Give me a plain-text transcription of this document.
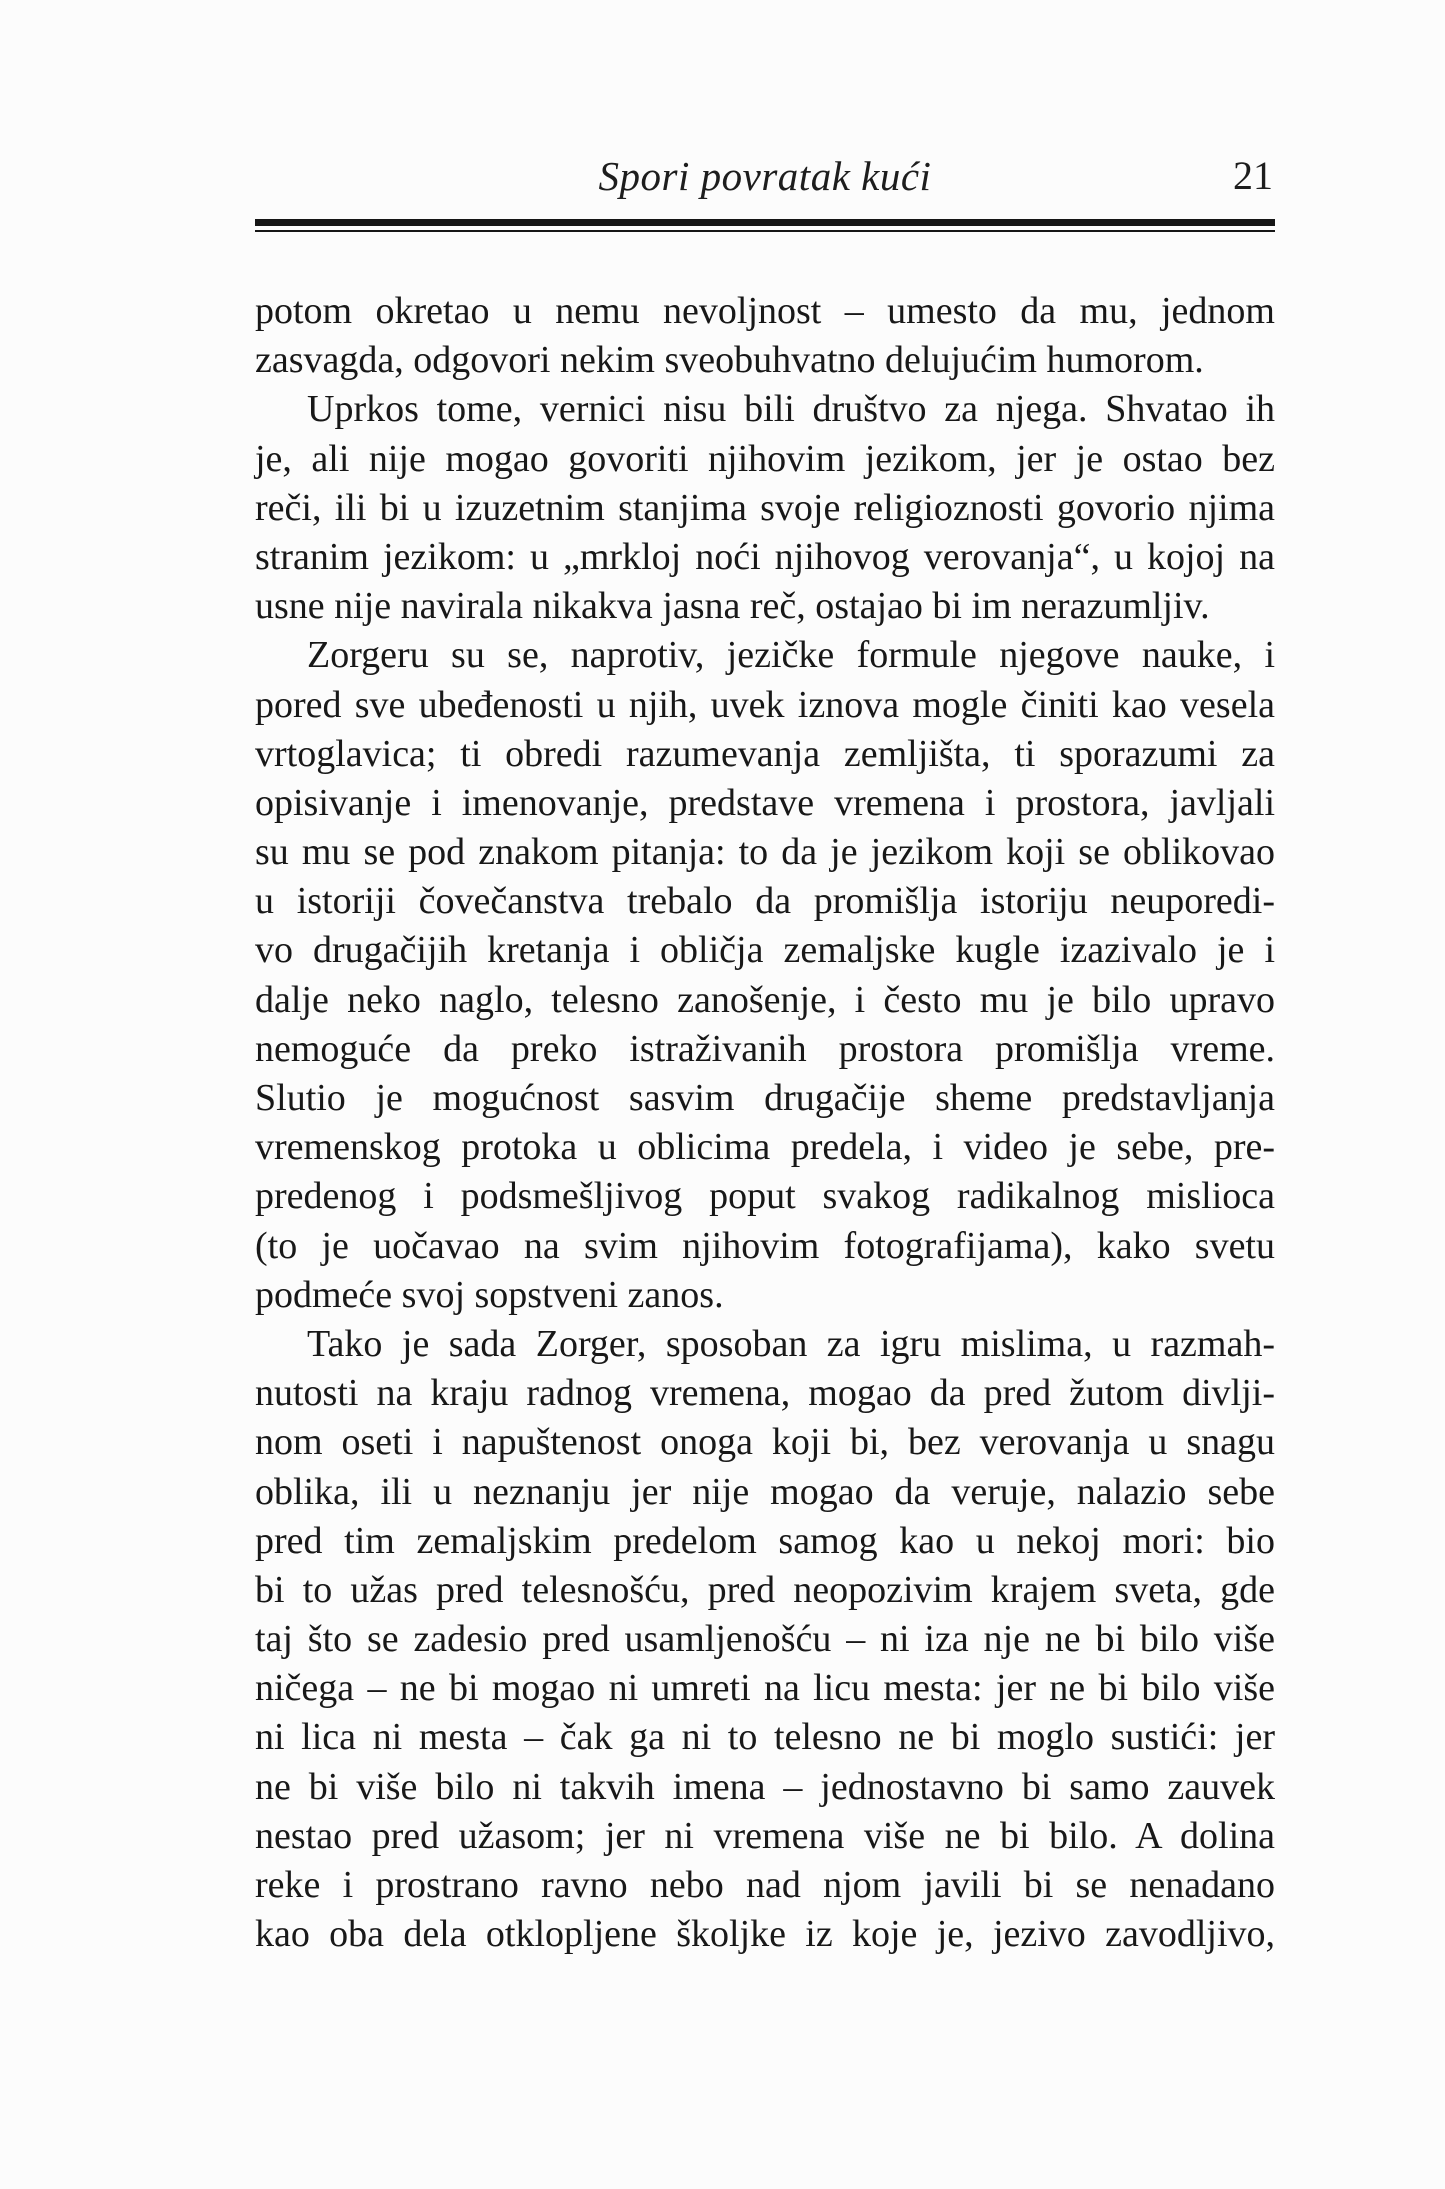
Spori povratak kući	21

potom okretao u nemu nevoljnost – umesto da mu, jednom

zasvagda, odgovori nekim sveobuhvatno delujućim humorom.

Uprkos tome, vernici nisu bili društvo za njega. Shvatao ih

je, ali nije mogao govoriti njihovim jezikom, jer je ostao bez

reči, ili bi u izuzetnim stanjima svoje religioznosti govorio njima

stranim jezikom: u „mrkloj noći njihovog verovanja“, u kojoj na

usne nije navirala nikakva jasna reč, ostajao bi im nerazumljiv.

Zorgeru su se, naprotiv, jezičke formule njegove nauke, i

pored sve ubeđenosti u njih, uvek iznova mogle činiti kao vesela

vrtoglavica; ti obredi razumevanja zemljišta, ti sporazumi za

opisivanje i imenovanje, predstave vremena i prostora, javljali

su mu se pod znakom pitanja: to da je jezikom koji se oblikovao

u istoriji čovečanstva trebalo da promišlja istoriju neuporedi-

vo drugačijih kretanja i obličja zemaljske kugle izazivalo je i

dalje neko naglo, telesno zanošenje, i često mu je bilo upravo

nemoguće da preko istraživanih prostora promišlja vreme.

Slutio je mogućnost sasvim drugačije sheme predstavljanja

vremenskog protoka u oblicima predela, i video je sebe, pre-

predenog i podsmešljivog poput svakog radikalnog mislioca

(to je uočavao na svim njihovim fotografijama), kako svetu

podmeće svoj sopstveni zanos.

Tako je sada Zorger, sposoban za igru mislima, u razmah-

nutosti na kraju radnog vremena, mogao da pred žutom divlji-

nom oseti i napuštenost onoga koji bi, bez verovanja u snagu

oblika, ili u neznanju jer nije mogao da veruje, nalazio sebe

pred tim zemaljskim predelom samog kao u nekoj mori: bio

bi to užas pred telesnošću, pred neopozivim krajem sveta, gde

taj što se zadesio pred usamljenošću – ni iza nje ne bi bilo više

ničega – ne bi mogao ni umreti na licu mesta: jer ne bi bilo više

ni lica ni mesta – čak ga ni to telesno ne bi moglo sustići: jer

ne bi više bilo ni takvih imena – jednostavno bi samo zauvek

nestao pred užasom; jer ni vremena više ne bi bilo. A dolina

reke i prostrano ravno nebo nad njom javili bi se nenadano

kao oba dela otklopljene školjke iz koje je, jezivo zavodljivo,
